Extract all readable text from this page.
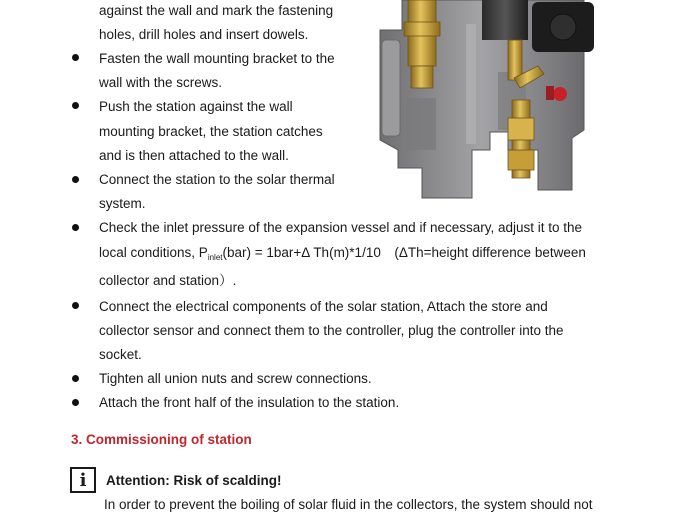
against the wall and mark the fastening
holes, drill holes and insert dowels.
Fasten the wall mounting bracket to the
wall with the screws.
Push the station against the wall
mounting bracket, the station catches
and is then attached to the wall.
Connect the station to the solar thermal
system.
Check the inlet pressure of the expansion vessel and if necessary, adjust it to the
local conditions, $P_{inlet}(bar) = 1bar+\Delta$ Th(m)*1/10　(ΔTh=height difference between
collector and station）.
Connect the electrical components of the solar station, Attach the store and
collector sensor and connect them to the controller, plug the controller into the
socket.
Tighten all union nuts and screw connections.
Attach the front half of the insulation to the station.
3. Commissioning of station
i	Attention: Risk of scalding!
In order to prevent the boiling of solar fluid in the collectors, the system should not
